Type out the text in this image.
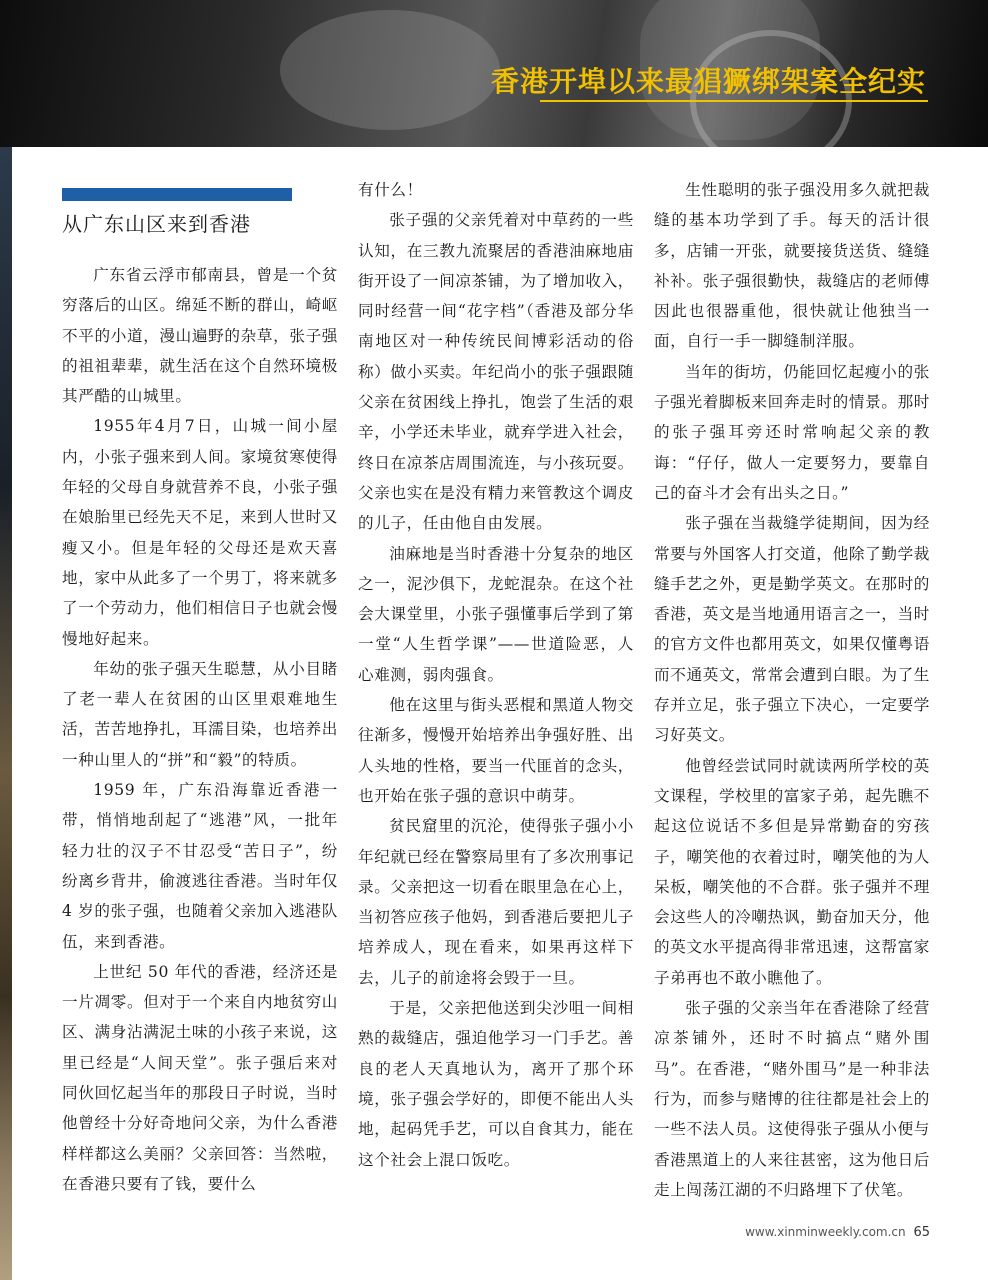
香港开埠以来最猖獗绑架案全纪实
从广东山区来到香港

广东省云浮市郁南县，曾是一个贫穷落后的山区。绵延不断的群山，崎岖不平的小道，漫山遍野的杂草，张子强的祖祖辈辈，就生活在这个自然环境极其严酷的山城里。

1955年4月7日，山城一间小屋内，小张子强来到人间。家境贫寒使得年轻的父母自身就营养不良，小张子强在娘胎里已经先天不足，来到人世时又瘦又小。但是年轻的父母还是欢天喜地，家中从此多了一个男丁，将来就多了一个劳动力，他们相信日子也就会慢慢地好起来。

年幼的张子强天生聪慧，从小目睹了老一辈人在贫困的山区里艰难地生活，苦苦地挣扎，耳濡目染，也培养出一种山里人的“拼”和“毅”的特质。

1959 年，广东沿海靠近香港一带，悄悄地刮起了“逃港”风，一批年轻力壮的汉子不甘忍受“苦日子”，纷纷离乡背井，偷渡逃往香港。当时年仅 4 岁的张子强，也随着父亲加入逃港队伍，来到香港。

上世纪 50 年代的香港，经济还是一片凋零。但对于一个来自内地贫穷山区、满身沾满泥土味的小孩子来说，这里已经是“人间天堂”。张子强后来对同伙回忆起当年的那段日子时说，当时他曾经十分好奇地问父亲，为什么香港样样都这么美丽？父亲回答：当然啦，在香港只要有了钱，要什么

有什么！

张子强的父亲凭着对中草药的一些认知，在三教九流聚居的香港油麻地庙街开设了一间凉茶铺，为了增加收入，同时经营一间“花字档”（香港及部分华南地区对一种传统民间博彩活动的俗称）做小买卖。年纪尚小的张子强跟随父亲在贫困线上挣扎，饱尝了生活的艰辛，小学还未毕业，就弃学进入社会，终日在凉茶店周围流连，与小孩玩耍。父亲也实在是没有精力来管教这个调皮的儿子，任由他自由发展。

油麻地是当时香港十分复杂的地区之一，泥沙俱下，龙蛇混杂。在这个社会大课堂里，小张子强懂事后学到了第一堂“人生哲学课”——世道险恶，人心难测，弱肉强食。

他在这里与街头恶棍和黑道人物交往渐多，慢慢开始培养出争强好胜、出人头地的性格，要当一代匪首的念头，也开始在张子强的意识中萌芽。

贫民窟里的沉沦，使得张子强小小年纪就已经在警察局里有了多次刑事记录。父亲把这一切看在眼里急在心上，当初答应孩子他妈，到香港后要把儿子培养成人，现在看来，如果再这样下去，儿子的前途将会毁于一旦。

于是，父亲把他送到尖沙咀一间相熟的裁缝店，强迫他学习一门手艺。善良的老人天真地认为，离开了那个环境，张子强会学好的，即便不能出人头地，起码凭手艺，可以自食其力，能在这个社会上混口饭吃。

生性聪明的张子强没用多久就把裁缝的基本功学到了手。每天的活计很多，店铺一开张，就要接货送货、缝缝补补。张子强很勤快，裁缝店的老师傅因此也很器重他，很快就让他独当一面，自行一手一脚缝制洋服。

当年的街坊，仍能回忆起瘦小的张子强光着脚板来回奔走时的情景。那时的张子强耳旁还时常响起父亲的教诲：“仔仔，做人一定要努力，要靠自己的奋斗才会有出头之日。”

张子强在当裁缝学徒期间，因为经常要与外国客人打交道，他除了勤学裁缝手艺之外，更是勤学英文。在那时的香港，英文是当地通用语言之一，当时的官方文件也都用英文，如果仅懂粤语而不通英文，常常会遭到白眼。为了生存并立足，张子强立下决心，一定要学习好英文。

他曾经尝试同时就读两所学校的英文课程，学校里的富家子弟，起先瞧不起这位说话不多但是异常勤奋的穷孩子，嘲笑他的衣着过时，嘲笑他的为人呆板，嘲笑他的不合群。张子强并不理会这些人的冷嘲热讽，勤奋加天分，他的英文水平提高得非常迅速，这帮富家子弟再也不敢小瞧他了。

张子强的父亲当年在香港除了经营凉茶铺外，还时不时搞点“赌外围马”。在香港，“赌外围马”是一种非法行为，而参与赌博的往往都是社会上的一些不法人员。这使得张子强从小便与香港黑道上的人来往甚密，这为他日后走上闯荡江湖的不归路埋下了伏笔。

www.xinminweekly.com.cn 65
